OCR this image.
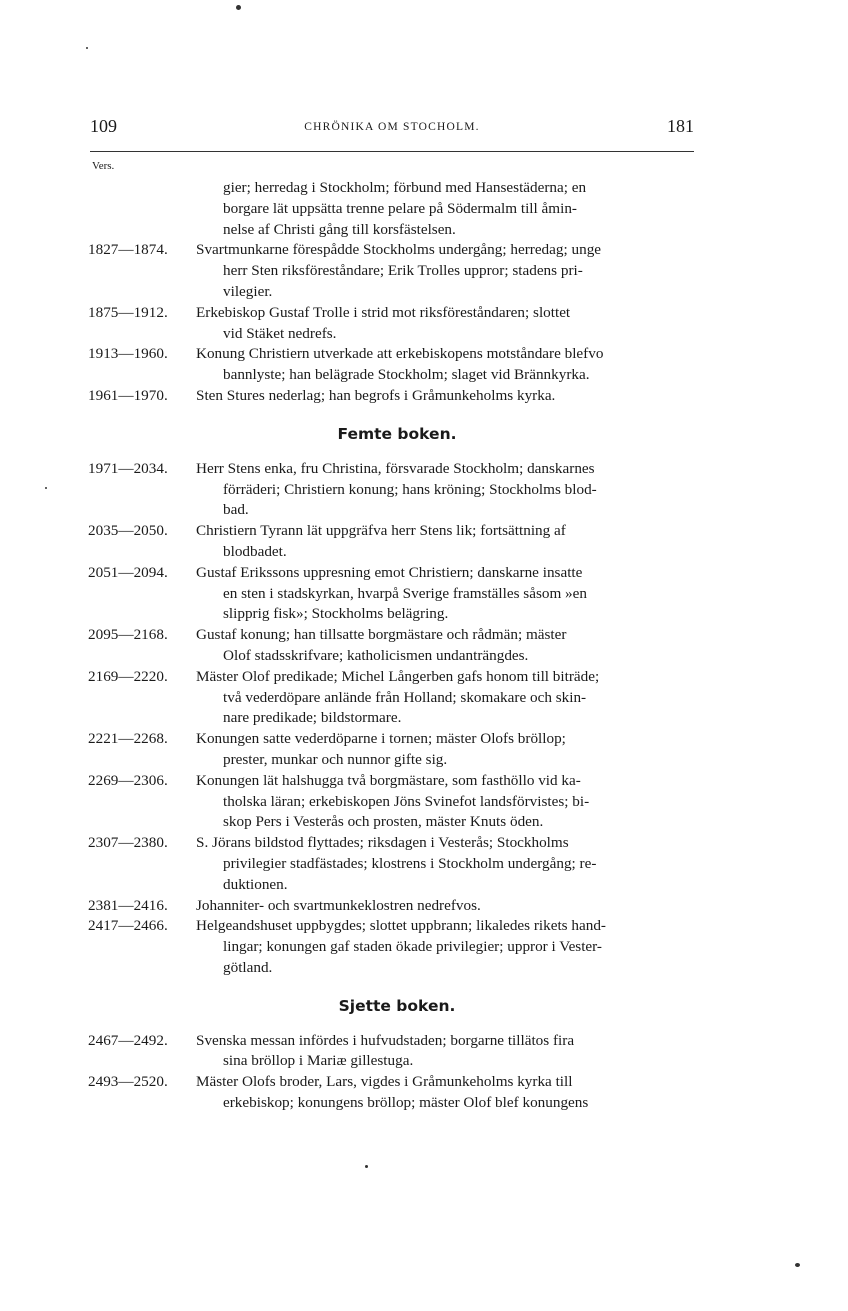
109	CHRÖNIKA OM STOCHOLM.	181
Vers.
gier; herredag i Stockholm; förbund med Hansestäderna; en
borgare lät uppsätta trenne pelare på Södermalm till åmin-
nelse af Christi gång till korsfästelsen.
1827—1874.	Svartmunkarne förespådde Stockholms undergång; herredag; unge
herr Sten riksföreståndare; Erik Trolles uppror; stadens pri-
vilegier.
1875—1912.	Erkebiskop Gustaf Trolle i strid mot riksföreståndaren; slottet
vid Stäket nedrefs.
1913—1960.	Konung Christiern utverkade att erkebiskopens motståndare blefvo
bannlyste; han belägrade Stockholm; slaget vid Brännkyrka.
1961—1970.	Sten Stures nederlag; han begrofs i Gråmunkeholms kyrka.
Femte boken.
1971—2034.	Herr Stens enka, fru Christina, försvarade Stockholm; danskarnes
förräderi; Christiern konung; hans kröning; Stockholms blod-
bad.
2035—2050.	Christiern Tyrann lät uppgräfva herr Stens lik; fortsättning af
blodbadet.
2051—2094.	Gustaf Erikssons uppresning emot Christiern; danskarne insatte
en sten i stadskyrkan, hvarpå Sverige framställes såsom »en
slipprig fisk»; Stockholms belägring.
2095—2168.	Gustaf konung; han tillsatte borgmästare och rådmän; mäster
Olof stadsskrifvare; katholicismen undanträngdes.
2169—2220.	Mäster Olof predikade; Michel Långerben gafs honom till biträde;
två vederdöpare anlände från Holland; skomakare och skin-
nare predikade; bildstormare.
2221—2268.	Konungen satte vederdöparne i tornen; mäster Olofs bröllop;
prester, munkar och nunnor gifte sig.
2269—2306.	Konungen lät halshugga två borgmästare, som fasthöllo vid ka-
tholska läran; erkebiskopen Jöns Svinefot landsförvistes; bi-
skop Pers i Vesterås och prosten, mäster Knuts öden.
2307—2380.	S. Jörans bildstod flyttades; riksdagen i Vesterås; Stockholms
privilegier stadfästades; klostrens i Stockholm undergång; re-
duktionen.
2381—2416.	Johanniter- och svartmunkeklostren nedrefvos.
2417—2466.	Helgeandshuset uppbygdes; slottet uppbrann; likaledes rikets hand-
lingar; konungen gaf staden ökade privilegier; uppror i Vester-
götland.
Sjette boken.
2467—2492.	Svenska messan infördes i hufvudstaden; borgarne tillätos fira
sina bröllop i Mariæ gillestuga.
2493—2520.	Mäster Olofs broder, Lars, vigdes i Gråmunkeholms kyrka till
erkebiskop; konungens bröllop; mäster Olof blef konungens
